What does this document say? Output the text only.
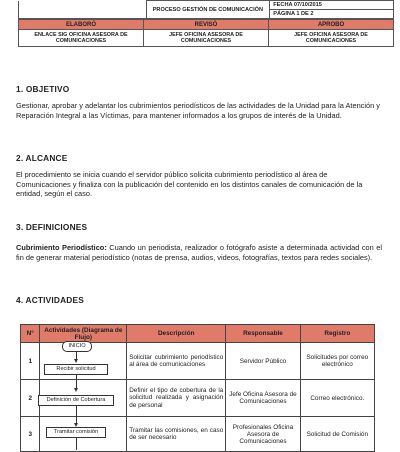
	PROCESO GESTIÓN DE COMUNICACIÓN	FECHA 07/10/2015
PÁGINA 1 DE 2
ELABORÓ	REVISÓ	APROBO
ENLACE SIG OFICINA ASESORA DE COMUNICACIONES	JEFE OFICINA ASESORA DE COMUNICACIONES	JEFE OFICINA ASESORA DE COMUNICACIONES
1. OBJETIVO
Gestionar, aprobar y adelantar los cubrimientos periodísticos de las actividades de la Unidad para la Atención y Reparación Integral a las Víctimas, para mantener informados a los grupos de interés de la Unidad.
2. ALCANCE
El procedimiento se inicia cuando el servidor público solicita cubrimiento periodístico al área de Comunicaciones y finaliza con la publicación del contenido en los distintos canales de comunicación de la entidad, según el caso.
3. DEFINICIONES
Cubrimiento Periodístico: Cuando un periodista, realizador o fotógrafo asiste a determinada actividad con el fin de generar material periodístico (notas de prensa, audios, videos, fotografías, textos para redes sociales).
4. ACTIVIDADES
N°	Actividades (Diagrama de Flujo)	Descripción	Responsable	Registro
1		Solicitar cubrimiento periodístico al área de comunicaciones	Servidor Público	Solicitudes por correo electrónico
2		Definir el tipo de cobertura de la solicitud realizada y asignación de personal	Jefe Oficina Asesora de Comunicaciones	Correo electrónico.
3		Tramitar las comisiones, en caso de ser necesario	Profesionales Oficina Asesora de Comunicaciones	Solicitud de Comisión
INICIO
Recibir solicitud
Definición de Cobertura
Tramitar comisión
